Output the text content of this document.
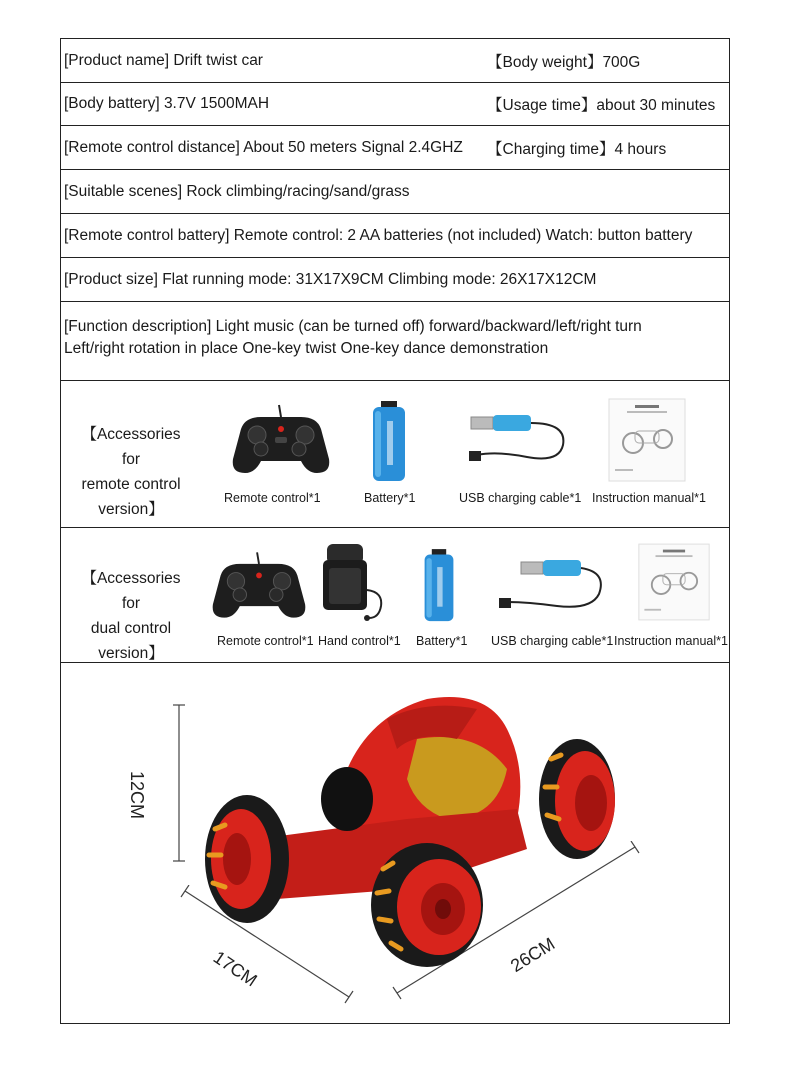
[Product name] Drift twist car	【Body weight】700G
[Body battery] 3.7V 1500MAH	【Usage time】about 30 minutes
[Remote control distance] About 50 meters Signal 2.4GHZ 【Charging time】4 hours
[Suitable scenes] Rock climbing/racing/sand/grass
[Remote control battery] Remote control: 2 AA batteries (not included) Watch: button battery
[Product size] Flat running mode: 31X17X9CM Climbing mode: 26X17X12CM
[Function description] Light music (can be turned off) forward/backward/left/right turn
Left/right rotation in place One-key twist One-key dance demonstration
【Accessories for
remote control
version】
Remote control*1	Battery*1	USB charging cable*1 Instruction manual*1
【Accessories for
dual control
version】
Remote control*1 Hand control*1 Battery*1 USB charging cable*1 Instruction manual*1
12CM
17CM	26CM
